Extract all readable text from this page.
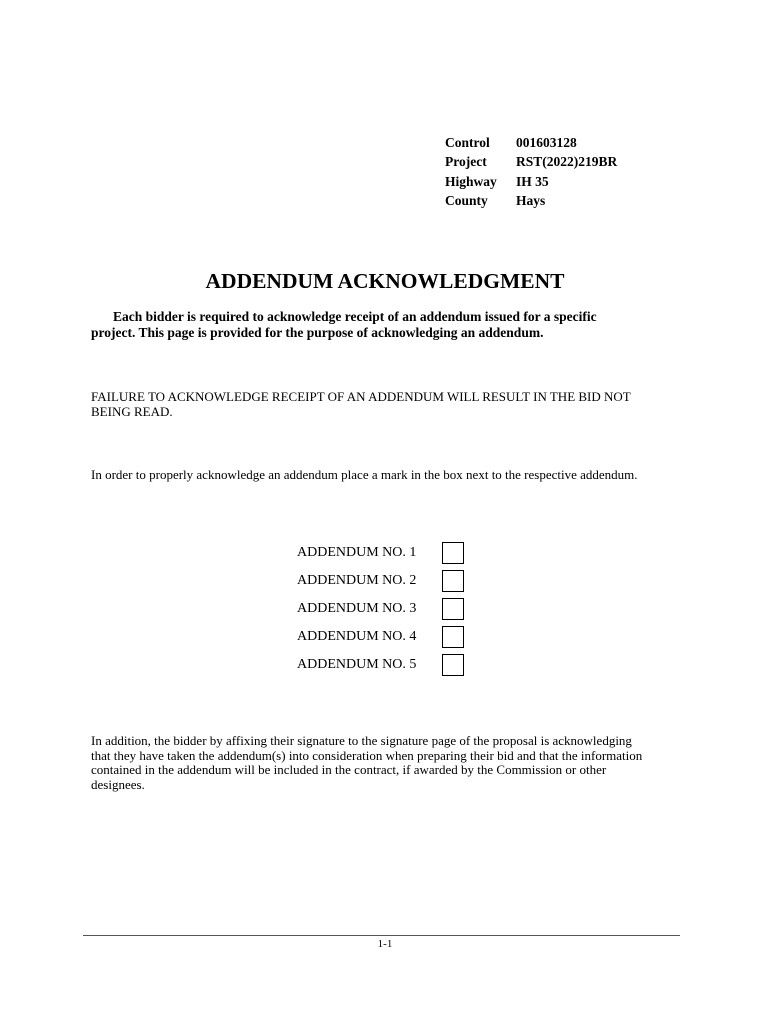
Control 001603128
Project RST(2022)219BR
Highway IH 35
County Hays
ADDENDUM ACKNOWLEDGMENT
Each bidder is required to acknowledge receipt of an addendum issued for a specific
project. This page is provided for the purpose of acknowledging an addendum.
FAILURE TO ACKNOWLEDGE RECEIPT OF AN ADDENDUM WILL RESULT IN THE BID NOT
BEING READ.
In order to properly acknowledge an addendum place a mark in the box next to the respective addendum.
ADDENDUM NO. 1
ADDENDUM NO. 2
ADDENDUM NO. 3
ADDENDUM NO. 4
ADDENDUM NO. 5
In addition, the bidder by affixing their signature to the signature page of the proposal is acknowledging
that they have taken the addendum(s) into consideration when preparing their bid and that the information
contained in the addendum will be included in the contract, if awarded by the Commission or other
designees.
1-1
